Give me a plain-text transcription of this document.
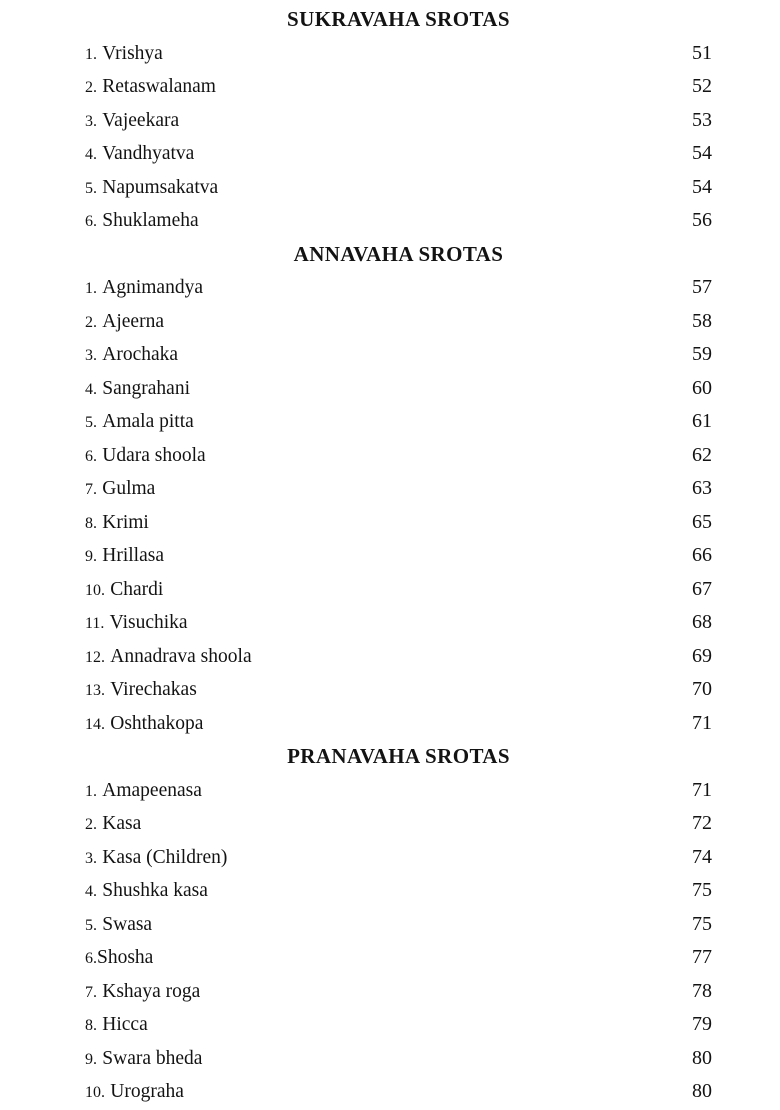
SUKRAVAHA SROTAS
1. Vrishya	51
2. Retaswalanam	52
3. Vajeekara	53
4. Vandhyatva	54
5. Napumsakatva	54
6. Shuklameha	56
ANNAVAHA SROTAS
1. Agnimandya	57
2. Ajeerna	58
3. Arochaka	59
4. Sangrahani	60
5. Amala pitta	61
6. Udara shoola	62
7. Gulma	63
8. Krimi	65
9. Hrillasa	66
10. Chardi	67
11. Visuchika	68
12. Annadrava shoola	69
13. Virechakas	70
14. Oshthakopa	71
PRANAVAHA SROTAS
1. Amapeenasa	71
2. Kasa	72
3. Kasa (Children)	74
4. Shushka kasa	75
5. Swasa	75
6.Shosha	77
7. Kshaya roga	78
8. Hicca	79
9. Swara bheda	80
10. Urograha	80
